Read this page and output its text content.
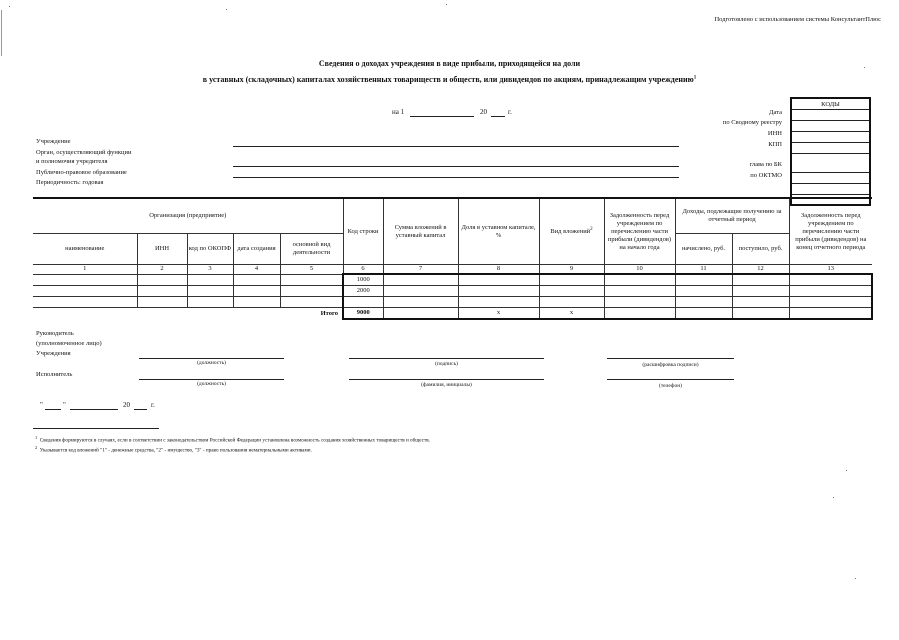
Подготовлено с использованием системы КонсультантПлюс
Сведения о доходах учреждения в виде прибыли, приходящейся на доли
в уставных (складочных) капиталах хозяйственных товариществ и обществ, или дивидендов по акциям, принадлежащим учреждению$^1$
на 1	20	г.
КОДЫ

Дата
по Сводному реестру
ИНН
КПП
глава по БК
по ОКТМО
Учреждение
Орган, осуществляющий функции
и полномочия учредителя
Публично-правовое образование
Периодичность: годовая
Организация (предприятие)					Код строки	Сумма вложений в уставный капитал	Доля в уставном капитале, %	Вид вложений$^2$	Задолженность перед учреждением по перечислению части прибыли (дивидендов) на начало года	Доходы, подлежащие получению за отчетный период		Задолженность перед учреждением по перечислению части прибыли (дивидендов) на конец отчетного периода
наименование	ИНН	код по ОКОПФ	дата создания	основной вид деятельности						начислено, руб.	поступило, руб.	
1	2	3	4	5	6	7	8	9	10	11	12	13
					1000							
					2000							

Итого					9000		x	x				
Руководитель
(уполномоченное лицо)
Учреждения
(должность)	(подпись)	(расшифровка подписи)
Исполнитель
(должность)	(фамилия, инициалы)	(телефон)
"	"	20	г.
$^1$  Сведения формируются в случаях, если в соответствии с законодательством Российской Федерации установлена возможность создания хозяйственных товариществ и обществ.
$^2$  Указывается код вложений "1" - денежные средства, "2" - имущество, "3" - право пользования нематериальными активами.
